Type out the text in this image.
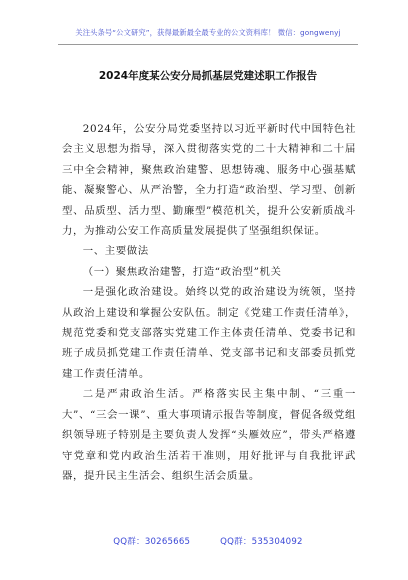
关注头条号“公文研究”，获得最新最全最专业的公文资料库！ 微信：gongwenyj
2024年度某公安分局抓基层党建述职工作报告

2024年，公安分局党委坚持以习近平新时代中国特色社会主义思想为指导，深入贯彻落实党的二十大精神和二十届三中全会精神，聚焦政治建警、思想铸魂、服务中心强基赋能、凝聚警心、从严治警，全力打造“政治型、学习型、创新型、品质型、活力型、勤廉型”模范机关，提升公安新质战斗力，为推动公安工作高质量发展提供了坚强组织保证。

一、主要做法

（一）聚焦政治建警，打造“政治型”机关

一是强化政治建设。始终以党的政治建设为统领，坚持从政治上建设和掌握公安队伍。制定《党建工作责任清单》，规范党委和党支部落实党建工作主体责任清单、党委书记和班子成员抓党建工作责任清单、党支部书记和支部委员抓党建工作责任清单。

二是严肃政治生活。严格落实民主集中制、“三重一大”、“三会一课”、重大事项请示报告等制度，督促各级党组织领导班子特别是主要负责人发挥“头雁效应”，带头严格遵守党章和党内政治生活若干准则，用好批评与自我批评武器，提升民主生活会、组织生活会质量。

QQ群：30265665	QQ群：535304092
